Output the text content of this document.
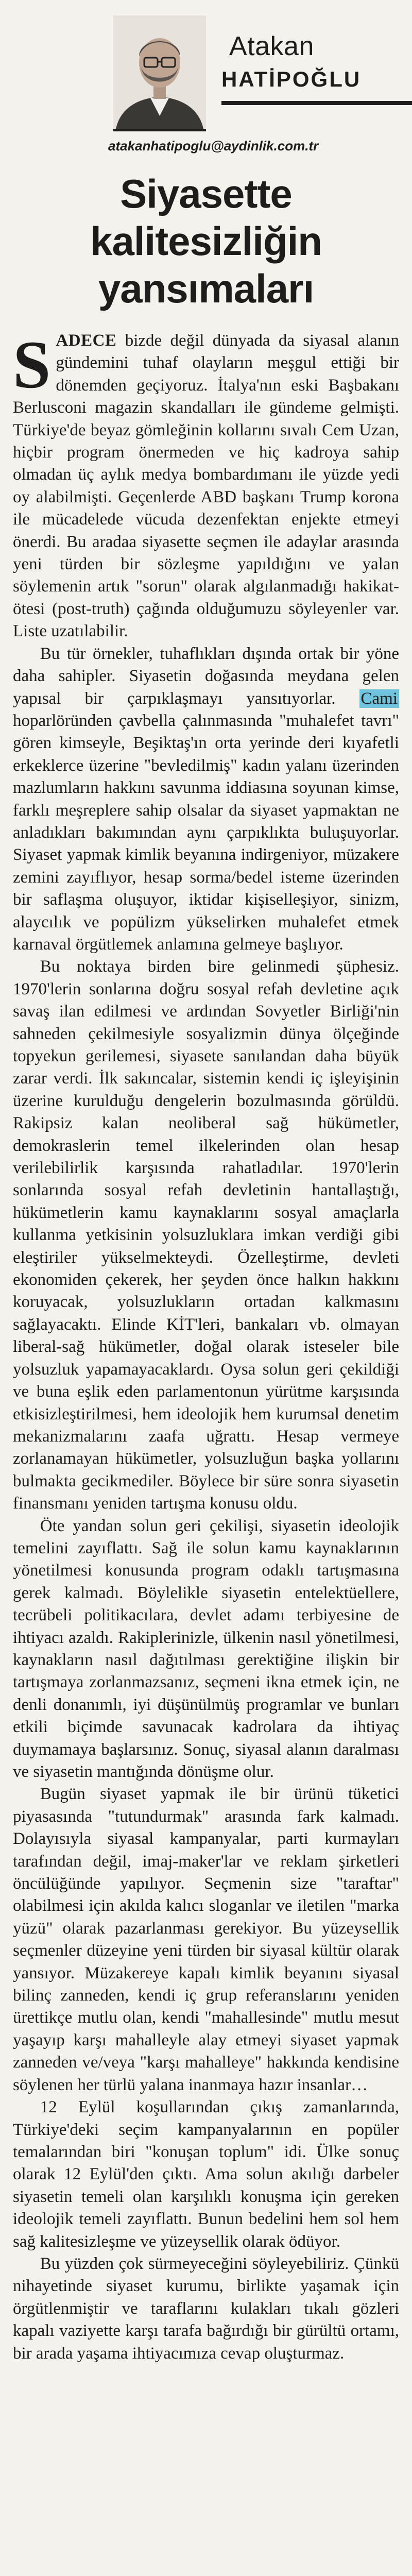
Atakan
HATİPOĞLU
atakanhatipoglu@aydinlik.com.tr
Siyasette
kalitesizliğin
yansımaları

SADECE bizde değil dünyada da siyasal alanın gündemini tuhaf olayların meşgul ettiği bir dönemden geçiyoruz. İtalya'nın eski Başbakanı Berlusconi magazin skandalları ile gündeme gelmişti. Türkiye'de beyaz gömleğinin kollarını sıvalı Cem Uzan, hiçbir program önermeden ve hiç kadroya sahip olmadan üç aylık medya bombardımanı ile yüzde yedi oy alabilmişti. Geçenlerde ABD başkanı Trump korona ile mücadelede vücuda dezenfektan enjekte etmeyi önerdi. Bu aradaa siyasette seçmen ile adaylar arasında yeni türden bir sözleşme yapıldığını ve yalan söylemenin artık "sorun" olarak algılanmadığı hakikat-ötesi (post-truth) çağında olduğumuzu söyleyenler var. Liste uzatılabilir.

Bu tür örnekler, tuhaflıkları dışında ortak bir yöne daha sahipler. Siyasetin doğasında meydana gelen yapısal bir çarpıklaşmayı yansıtıyorlar. Cami hoparlöründen çavbella çalınmasında "muhalefet tavrı" gören kimseyle, Beşiktaş'ın orta yerinde deri kıyafetli erkeklerce üzerine "bevledilmiş" kadın yalanı üzerinden mazlumların hakkını savunma iddiasına soyunan kimse, farklı meşreplere sahip olsalar da siyaset yapmaktan ne anladıkları bakımından aynı çarpıklıkta buluşuyorlar. Siyaset yapmak kimlik beyanına indirgeniyor, müzakere zemini zayıflıyor, hesap sorma/bedel isteme üzerinden bir saflaşma oluşuyor, iktidar kişiselleşiyor, sinizm, alaycılık ve popülizm yükselirken muhalefet etmek karnaval örgütlemek anlamına gelmeye başlıyor.

Bu noktaya birden bire gelinmedi şüphesiz. 1970'lerin sonlarına doğru sosyal refah devletine açık savaş ilan edilmesi ve ardından Sovyetler Birliği'nin sahneden çekilmesiyle sosyalizmin dünya ölçeğinde topyekun gerilemesi, siyasete sanılandan daha büyük zarar verdi. İlk sakıncalar, sistemin kendi iç işleyişinin üzerine kurulduğu dengelerin bozulmasında görüldü. Rakipsiz kalan neoliberal sağ hükümetler, demokraslerin temel ilkelerinden olan hesap verilebilirlik karşısında rahatladılar. 1970'lerin sonlarında sosyal refah devletinin hantallaştığı, hükümetlerin kamu kaynaklarını sosyal amaçlarla kullanma yetkisinin yolsuzluklara imkan verdiği gibi eleştiriler yükselmekteydi. Özelleştirme, devleti ekonomiden çekerek, her şeyden önce halkın hakkını koruyacak, yolsuzlukların ortadan kalkmasını sağlayacaktı. Elinde KİT'leri, bankaları vb. olmayan liberal-sağ hükümetler, doğal olarak isteseler bile yolsuzluk yapamayacaklardı. Oysa solun geri çekildiği ve buna eşlik eden parlamentonun yürütme karşısında etkisizleştirilmesi, hem ideolojik hem kurumsal denetim mekanizmalarını zaafa uğrattı. Hesap vermeye zorlanamayan hükümetler, yolsuzluğun başka yollarını bulmakta gecikmediler. Böylece bir süre sonra siyasetin finansmanı yeniden tartışma konusu oldu.

Öte yandan solun geri çekilişi, siyasetin ideolojik temelini zayıflattı. Sağ ile solun kamu kaynaklarının yönetilmesi konusunda program odaklı tartışmasına gerek kalmadı. Böylelikle siyasetin entelektüellere, tecrübeli politikacılara, devlet adamı terbiyesine de ihtiyacı azaldı. Rakiplerinizle, ülkenin nasıl yönetilmesi, kaynakların nasıl dağıtılması gerektiğine ilişkin bir tartışmaya zorlanmazsanız, seçmeni ikna etmek için, ne denli donanımlı, iyi düşünülmüş programlar ve bunları etkili biçimde savunacak kadrolara da ihtiyaç duymamaya başlarsınız. Sonuç, siyasal alanın daralması ve siyasetin mantığında dönüşme olur.

Bugün siyaset yapmak ile bir ürünü tüketici piyasasında "tutundurmak" arasında fark kalmadı. Dolayısıyla siyasal kampanyalar, parti kurmayları tarafından değil, imaj-maker'lar ve reklam şirketleri öncülüğünde yapılıyor. Seçmenin size "taraftar" olabilmesi için akılda kalıcı sloganlar ve iletilen "marka yüzü" olarak pazarlanması gerekiyor. Bu yüzeysellik seçmenler düzeyine yeni türden bir siyasal kültür olarak yansıyor. Müzakereye kapalı kimlik beyanını siyasal bilinç zanneden, kendi iç grup referanslarını yeniden ürettikçe mutlu olan, kendi "mahallesinde" mutlu mesut yaşayıp karşı mahalleyle alay etmeyi siyaset yapmak zanneden ve/veya "karşı mahalleye" hakkında kendisine söylenen her türlü yalana inanmaya hazır insanlar…

12 Eylül koşullarından çıkış zamanlarında, Türkiye'deki seçim kampanyalarının en popüler temalarından biri "konuşan toplum" idi. Ülke sonuç olarak 12 Eylül'den çıktı. Ama solun akılığı darbeler siyasetin temeli olan karşılıklı konuşma için gereken ideolojik temeli zayıflattı. Bunun bedelini hem sol hem sağ kalitesizleşme ve yüzeysellik olarak ödüyor.

Bu yüzden çok sürmeyeceğini söyleyebiliriz. Çünkü nihayetinde siyaset kurumu, birlikte yaşamak için örgütlenmiştir ve taraflarını kulakları tıkalı gözleri kapalı vaziyette karşı tarafa bağırdığı bir gürültü ortamı, bir arada yaşama ihtiyacımıza cevap oluşturmaz.
